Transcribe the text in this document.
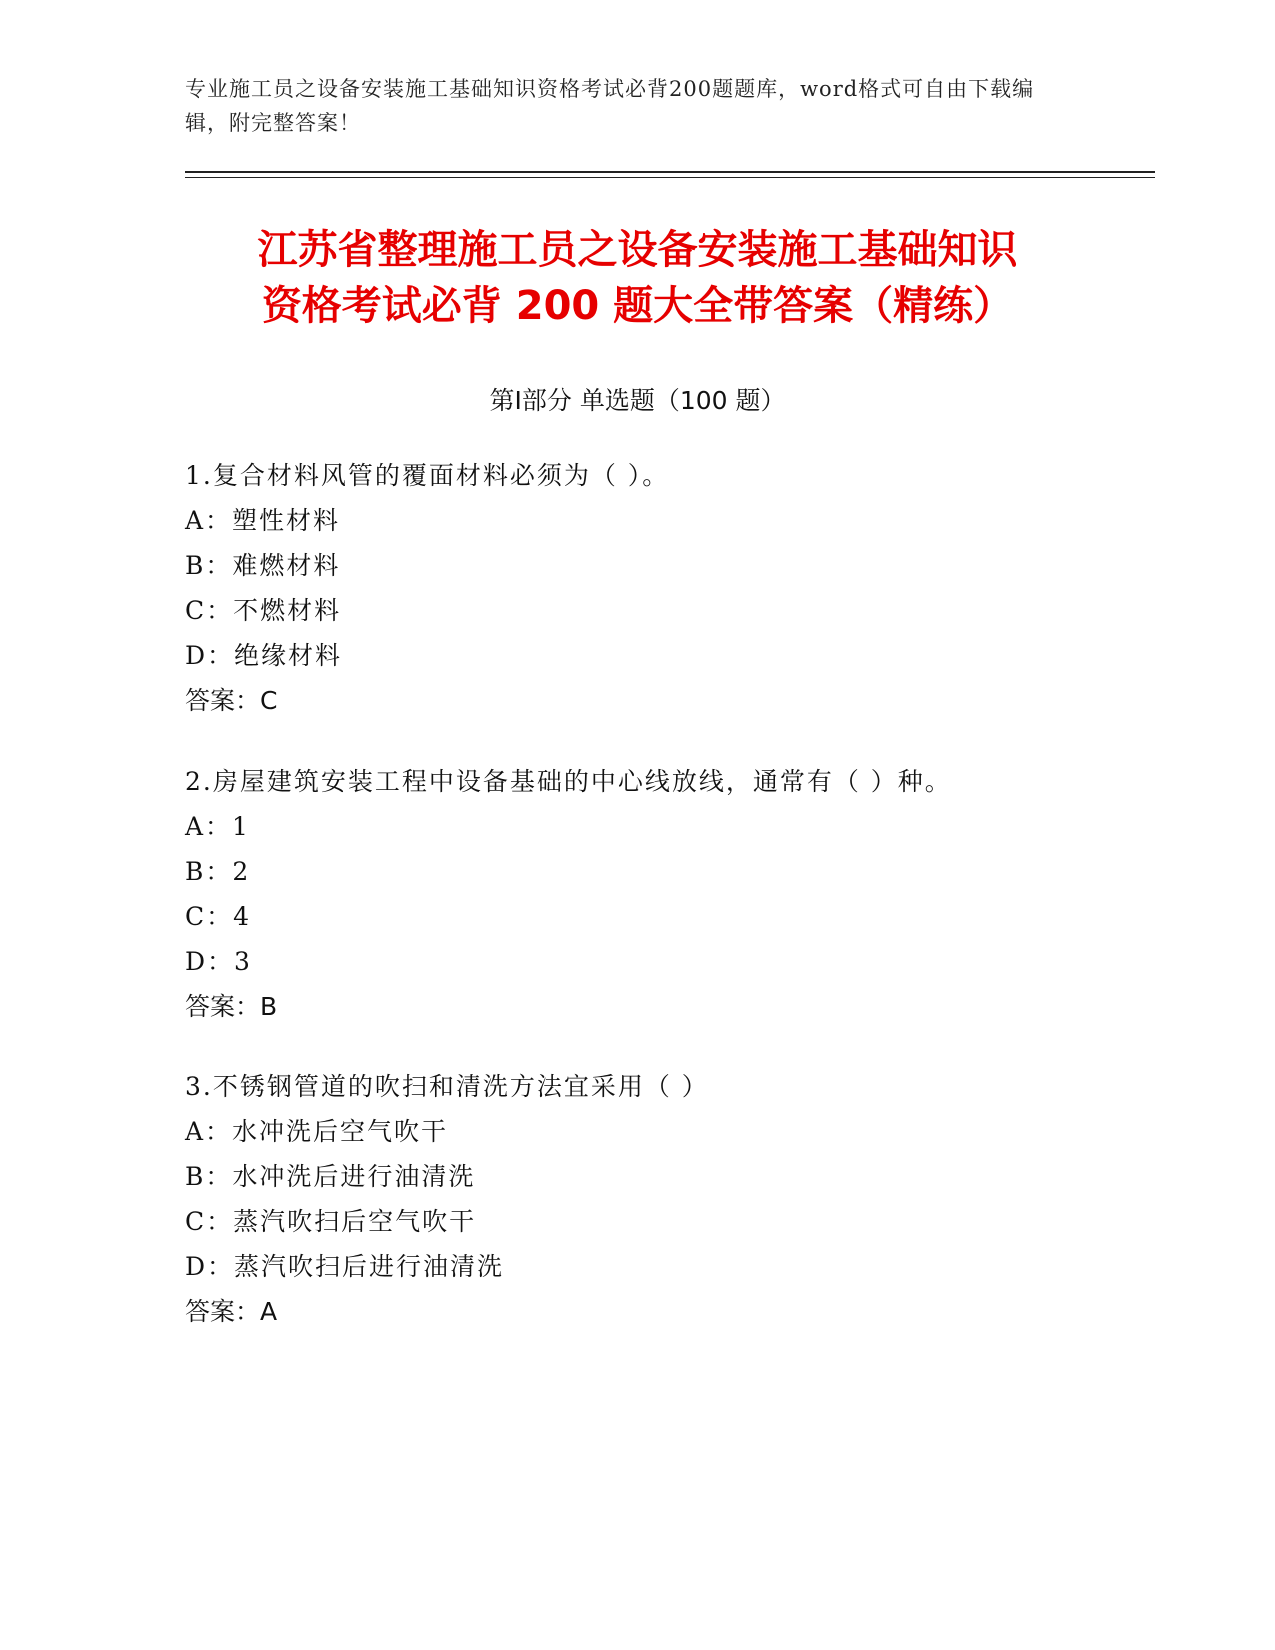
专业施工员之设备安装施工基础知识资格考试必背200题题库，word格式可自由下载编辑，附完整答案！
江苏省整理施工员之设备安装施工基础知识
资格考试必背 200 题大全带答案（精练）
第Ⅰ部分 单选题（100 题）
1.复合材料风管的覆面材料必须为（ ）。
A：塑性材料
B：难燃材料
C：不燃材料
D：绝缘材料
答案：C
2.房屋建筑安装工程中设备基础的中心线放线，通常有（ ）种。
A：1
B：2
C：4
D：3
答案：B
3.不锈钢管道的吹扫和清洗方法宜采用（ ）
A：水冲洗后空气吹干
B：水冲洗后进行油清洗
C：蒸汽吹扫后空气吹干
D：蒸汽吹扫后进行油清洗
答案：A
